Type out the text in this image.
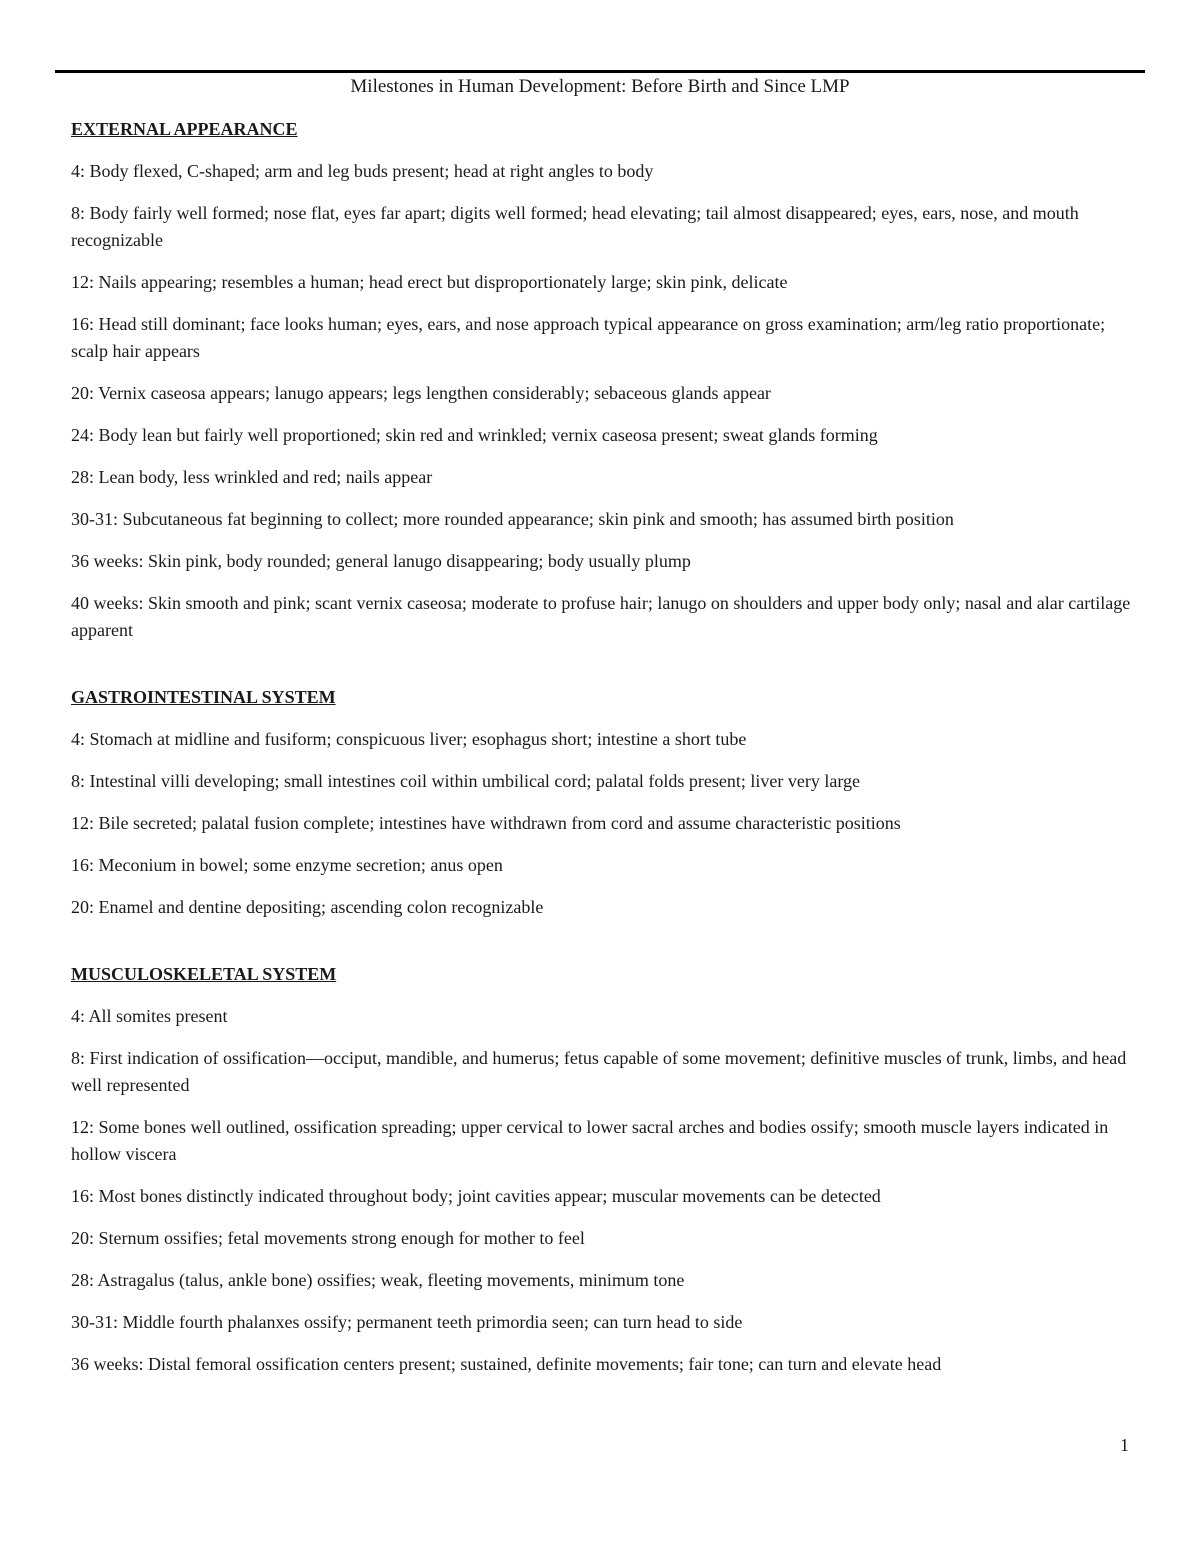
Milestones in Human Development: Before Birth and Since LMP
EXTERNAL APPEARANCE
4: Body flexed, C-shaped; arm and leg buds present; head at right angles to body
8: Body fairly well formed; nose flat, eyes far apart; digits well formed; head elevating; tail almost disappeared; eyes, ears, nose, and mouth recognizable
12: Nails appearing; resembles a human; head erect but disproportionately large; skin pink, delicate
16: Head still dominant; face looks human; eyes, ears, and nose approach typical appearance on gross examination; arm/leg ratio proportionate; scalp hair appears
20: Vernix caseosa appears; lanugo appears; legs lengthen considerably; sebaceous glands appear
24: Body lean but fairly well proportioned; skin red and wrinkled; vernix caseosa present; sweat glands forming
28: Lean body, less wrinkled and red; nails appear
30-31: Subcutaneous fat beginning to collect; more rounded appearance; skin pink and smooth; has assumed birth position
36 weeks: Skin pink, body rounded; general lanugo disappearing; body usually plump
40 weeks: Skin smooth and pink; scant vernix caseosa; moderate to profuse hair; lanugo on shoulders and upper body only; nasal and alar cartilage apparent
GASTROINTESTINAL SYSTEM
4: Stomach at midline and fusiform; conspicuous liver; esophagus short; intestine a short tube
8: Intestinal villi developing; small intestines coil within umbilical cord; palatal folds present; liver very large
12: Bile secreted; palatal fusion complete; intestines have withdrawn from cord and assume characteristic positions
16: Meconium in bowel; some enzyme secretion; anus open
20: Enamel and dentine depositing; ascending colon recognizable
MUSCULOSKELETAL SYSTEM
4: All somites present
8: First indication of ossification—occiput, mandible, and humerus; fetus capable of some movement; definitive muscles of trunk, limbs, and head well represented
12: Some bones well outlined, ossification spreading; upper cervical to lower sacral arches and bodies ossify; smooth muscle layers indicated in hollow viscera
16: Most bones distinctly indicated throughout body; joint cavities appear; muscular movements can be detected
20: Sternum ossifies; fetal movements strong enough for mother to feel
28: Astragalus (talus, ankle bone) ossifies; weak, fleeting movements, minimum tone
30-31: Middle fourth phalanxes ossify; permanent teeth primordia seen; can turn head to side
36 weeks: Distal femoral ossification centers present; sustained, definite movements; fair tone; can turn and elevate head
1
